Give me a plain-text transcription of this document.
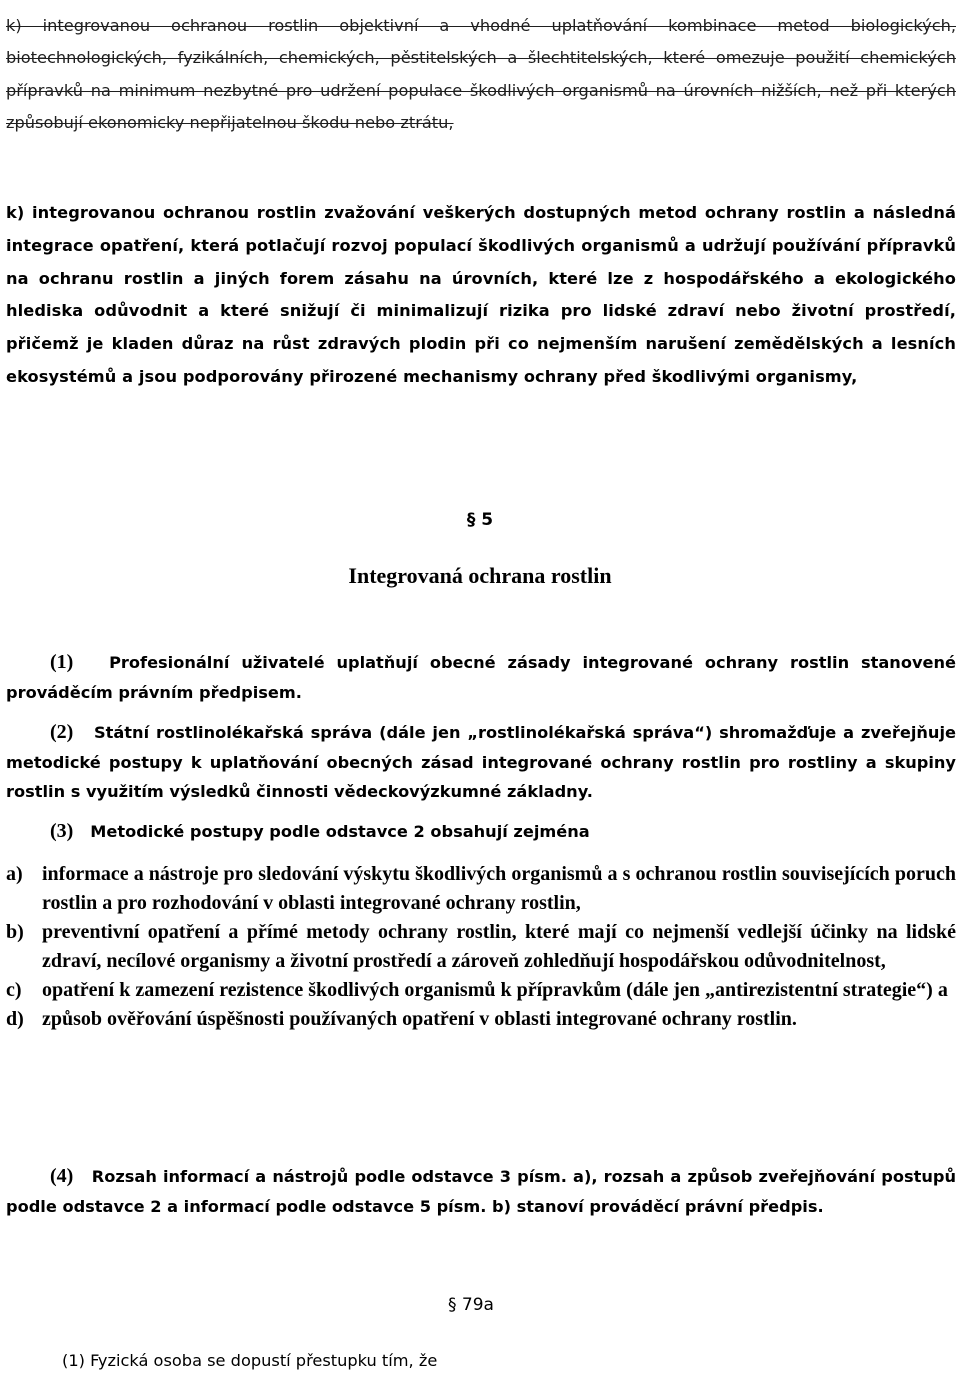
k) integrovanou ochranou rostlin objektivní a vhodné uplatňování kombinace metod biologických, biotechnologických, fyzikálních, chemických, pěstitelských a šlechtitelských, které omezuje použití chemických přípravků na minimum nezbytné pro udržení populace škodlivých organismů na úrovních nižších, než při kterých způsobují ekonomicky nepřijatelnou škodu nebo ztrátu,

k) integrovanou ochranou rostlin zvažování veškerých dostupných metod ochrany rostlin a následná integrace opatření, která potlačují rozvoj populací škodlivých organismů a udržují používání přípravků na ochranu rostlin a jiných forem zásahu na úrovních, které lze z hospodářského a ekologického hlediska odůvodnit a které snižují či minimalizují rizika pro lidské zdraví nebo životní prostředí, přičemž je kladen důraz na růst zdravých plodin při co nejmenším narušení zemědělských a lesních ekosystémů a jsou podporovány přirozené mechanismy ochrany před škodlivými organismy,

§ 5
Integrovaná ochrana rostlin

(1) Profesionální uživatelé uplatňují obecné zásady integrované ochrany rostlin stanovené prováděcím právním předpisem.

(2) Státní rostlinolékařská správa (dále jen „rostlinolékařská správa“) shromažďuje a zveřejňuje metodické postupy k uplatňování obecných zásad integrované ochrany rostlin pro rostliny a skupiny rostlin s využitím výsledků činnosti vědeckovýzkumné základny.

(3) Metodické postupy podle odstavce 2 obsahují zejména

a) informace a nástroje pro sledování výskytu škodlivých organismů a s ochranou rostlin souvisejících poruch rostlin a pro rozhodování v oblasti integrované ochrany rostlin,
b) preventivní opatření a přímé metody ochrany rostlin, které mají co nejmenší vedlejší účinky na lidské zdraví, necílové organismy a životní prostředí a zároveň zohledňují hospodářskou odůvodnitelnost,
c) opatření k zamezení rezistence škodlivých organismů k přípravkům (dále jen „antirezistentní strategie“) a
d) způsob ověřování úspěšnosti používaných opatření v oblasti integrované ochrany rostlin.

(4) Rozsah informací a nástrojů podle odstavce 3 písm. a), rozsah a způsob zveřejňování postupů podle odstavce 2 a informací podle odstavce 5 písm. b) stanoví prováděcí právní předpis.

§ 79a
(1) Fyzická osoba se dopustí přestupku tím, že
